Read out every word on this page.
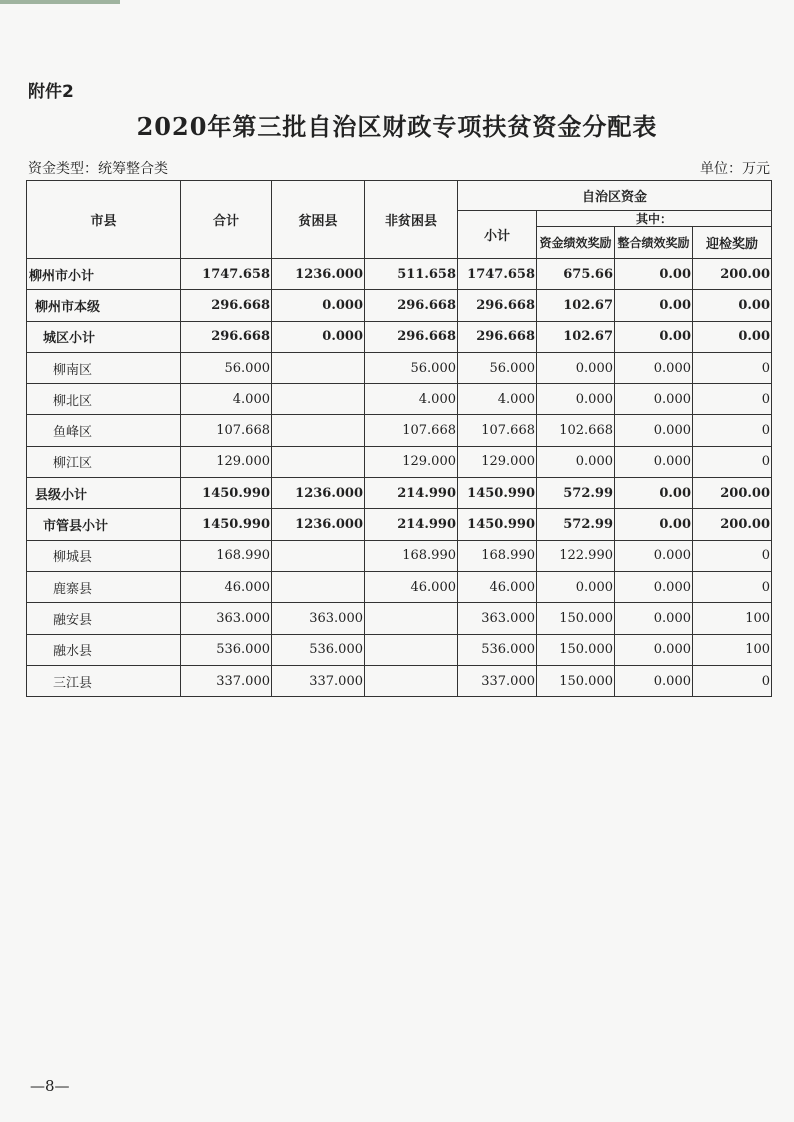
附件2
2020年第三批自治区财政专项扶贫资金分配表
资金类型：统筹整合类	单位：万元
市县	合计	贫困县	非贫困县	自治区资金			
				小计	其中：		
					资金绩效奖励	整合绩效奖励	迎检奖励
柳州市小计	1747.658	1236.000	511.658	1747.658	675.66	0.00	200.00
柳州市本级	296.668	0.000	296.668	296.668	102.67	0.00	0.00
城区小计	296.668	0.000	296.668	296.668	102.67	0.00	0.00
柳南区	56.000		56.000	56.000	0.000	0.000	0
柳北区	4.000		4.000	4.000	0.000	0.000	0
鱼峰区	107.668		107.668	107.668	102.668	0.000	0
柳江区	129.000		129.000	129.000	0.000	0.000	0
县级小计	1450.990	1236.000	214.990	1450.990	572.99	0.00	200.00
市管县小计	1450.990	1236.000	214.990	1450.990	572.99	0.00	200.00
柳城县	168.990		168.990	168.990	122.990	0.000	0
鹿寨县	46.000		46.000	46.000	0.000	0.000	0
融安县	363.000	363.000		363.000	150.000	0.000	100
融水县	536.000	536.000		536.000	150.000	0.000	100
三江县	337.000	337.000		337.000	150.000	0.000	0
—8—
